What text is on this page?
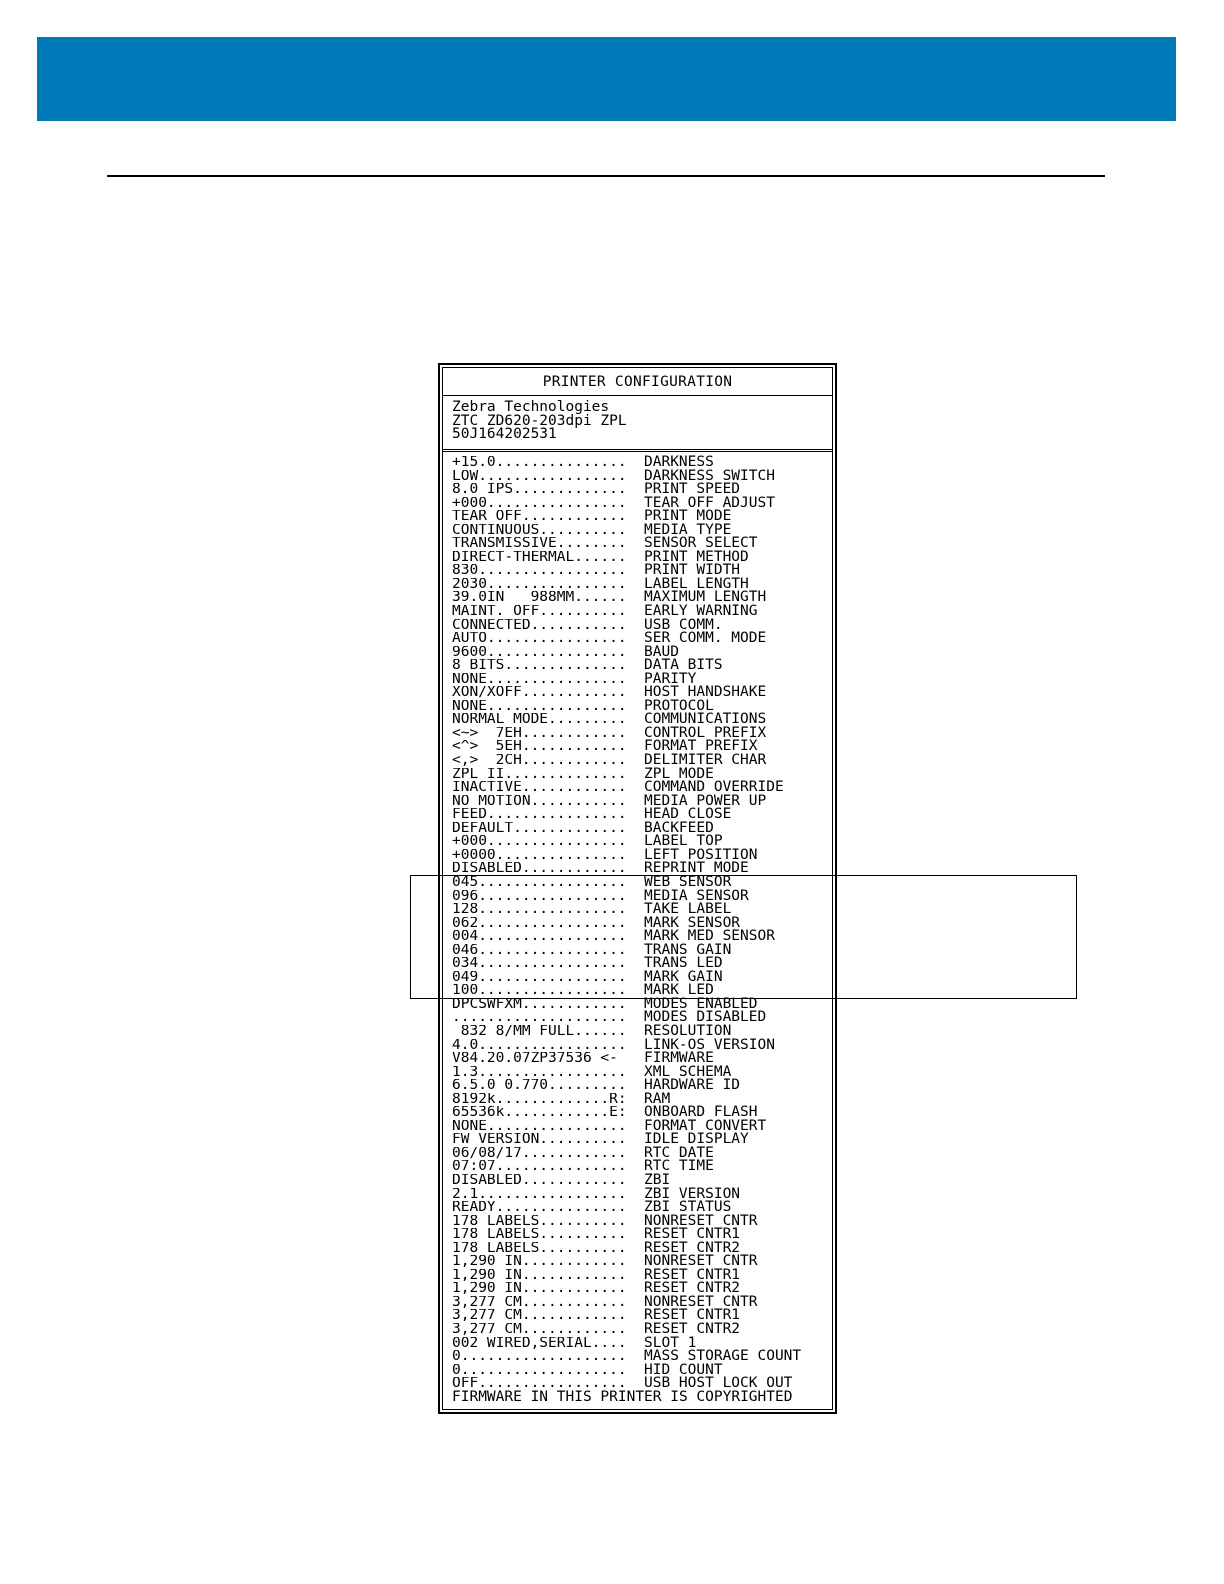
PRINTER CONFIGURATION
Zebra Technologies
ZTC ZD620-203dpi ZPL
50J164202531
+15.0...............	DARKNESS
LOW.................	DARKNESS SWITCH
8.0 IPS.............	PRINT SPEED
+000................	TEAR OFF ADJUST
TEAR OFF............	PRINT MODE
CONTINUOUS..........	MEDIA TYPE
TRANSMISSIVE........	SENSOR SELECT
DIRECT-THERMAL......	PRINT METHOD
830.................	PRINT WIDTH
2030................	LABEL LENGTH
39.0IN   988MM......	MAXIMUM LENGTH
MAINT. OFF..........	EARLY WARNING
CONNECTED...........	USB COMM.
AUTO................	SER COMM. MODE
9600................	BAUD
8 BITS..............	DATA BITS
NONE................	PARITY
XON/XOFF............	HOST HANDSHAKE
NONE................	PROTOCOL
NORMAL MODE.........	COMMUNICATIONS
<~>  7EH............	CONTROL PREFIX
<^>  5EH............	FORMAT PREFIX
<,>  2CH............	DELIMITER CHAR
ZPL II..............	ZPL MODE
INACTIVE............	COMMAND OVERRIDE
NO MOTION...........	MEDIA POWER UP
FEED................	HEAD CLOSE
DEFAULT.............	BACKFEED
+000................	LABEL TOP
+0000...............	LEFT POSITION
DISABLED............	REPRINT MODE
045.................	WEB SENSOR
096.................	MEDIA SENSOR
128.................	TAKE LABEL
062.................	MARK SENSOR
004.................	MARK MED SENSOR
046.................	TRANS GAIN
034.................	TRANS LED
049.................	MARK GAIN
100.................	MARK LED
DPCSWFXM............	MODES ENABLED
....................	MODES DISABLED
832 8/MM FULL......	RESOLUTION
4.0.................	LINK-OS VERSION
V84.20.07ZP37536 <-	FIRMWARE
1.3.................	XML SCHEMA
6.5.0 0.770.........	HARDWARE ID
8192k.............R:	RAM
65536k............E:	ONBOARD FLASH
NONE................	FORMAT CONVERT
FW VERSION..........	IDLE DISPLAY
06/08/17............	RTC DATE
07:07...............	RTC TIME
DISABLED............	ZBI
2.1.................	ZBI VERSION
READY...............	ZBI STATUS
178 LABELS..........	NONRESET CNTR
178 LABELS..........	RESET CNTR1
178 LABELS..........	RESET CNTR2
1,290 IN............	NONRESET CNTR
1,290 IN............	RESET CNTR1
1,290 IN............	RESET CNTR2
3,277 CM............	NONRESET CNTR
3,277 CM............	RESET CNTR1
3,277 CM............	RESET CNTR2
002 WIRED,SERIAL....	SLOT 1
0...................	MASS STORAGE COUNT
0...................	HID COUNT
OFF.................	USB HOST LOCK OUT
FIRMWARE IN THIS PRINTER IS COPYRIGHTED
